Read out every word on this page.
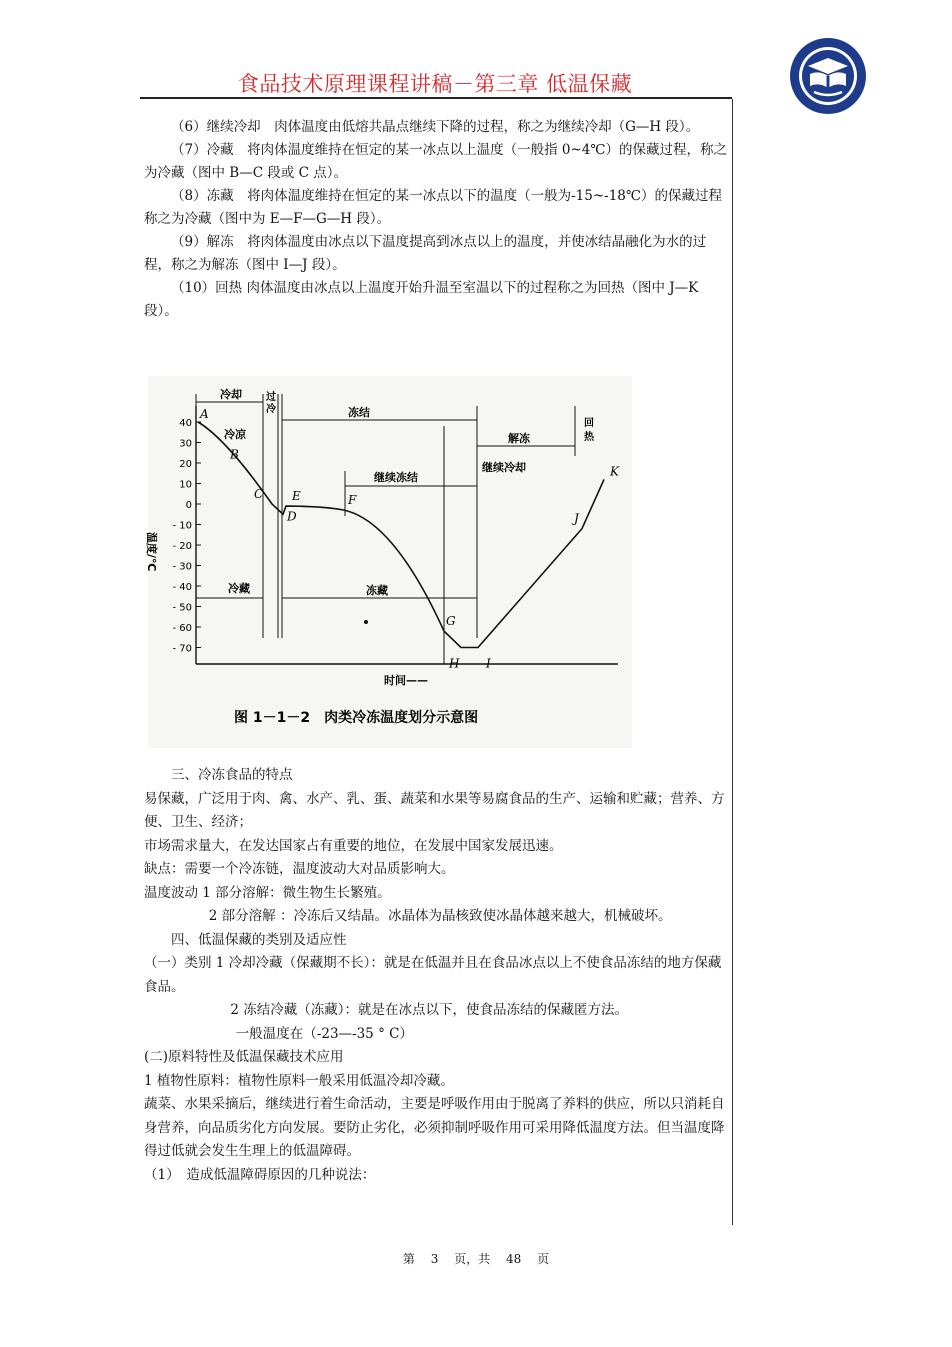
食品技术原理课程讲稿－第三章 低温保藏

（6）继续冷却　肉体温度由低熔共晶点继续下降的过程，称之为继续冷却（G—H 段）。

（7）冷藏　将肉体温度维持在恒定的某一冰点以上温度（一般指 0~4℃）的保藏过程，称之为冷藏（图中 B—C 段或 C 点）。

（8）冻藏　将肉体温度维持在恒定的某一冰点以下的温度（一般为-15~-18℃）的保藏过程称之为冷藏（图中为 E—F—G—H 段）。

（9）解冻　将肉体温度由冰点以下温度提高到冰点以上的温度，并使冰结晶融化为水的过程，称之为解冻（图中 I—J 段）。

（10）回热 肉体温度由冰点以上温度开始升温至室温以下的过程称之为回热（图中 J—K 段）。

40
30
20
10
0
- 10
- 20
- 30
- 40
- 50
- 60
- 70
温度/℃
冷却 过冷	冻结
解冻
回热
继续冻结
继续冷却
冷凉
冷藏	冻藏
A
B
C
D
E	F
G
H I
J
K
时间——
图 1－1－2　肉类冷冻温度划分示意图

三、冷冻食品的特点

易保藏，广泛用于肉、禽、水产、乳、蛋、蔬菜和水果等易腐食品的生产、运输和贮藏；营养、方便、卫生、经济；

市场需求量大，在发达国家占有重要的地位，在发展中国家发展迅速。

缺点：需要一个冷冻链，温度波动大对品质影响大。

温度波动 1 部分溶解：微生物生长繁殖。

2 部分溶解 ：冷冻后又结晶。冰晶体为晶核致使冰晶体越来越大，机械破坏。

四、低温保藏的类别及适应性

（一）类别 1 冷却冷藏（保藏期不长）：就是在低温并且在食品冰点以上不使食品冻结的地方保藏食品。

2 冻结冷藏（冻藏）：就是在冰点以下，使食品冻结的保藏匿方法。

一般温度在（-23—-35 ° C）

(二)原料特性及低温保藏技术应用

1 植物性原料：植物性原料一般采用低温冷却冷藏。

蔬菜、水果采摘后，继续进行着生命活动，主要是呼吸作用由于脱离了养料的供应，所以只消耗自身营养，向品质劣化方向发展。要防止劣化，必须抑制呼吸作用可采用降低温度方法。但当温度降得过低就会发生生理上的低温障碍。

（1）　造成低温障碍原因的几种说法：

第 3 页，共 48 页
